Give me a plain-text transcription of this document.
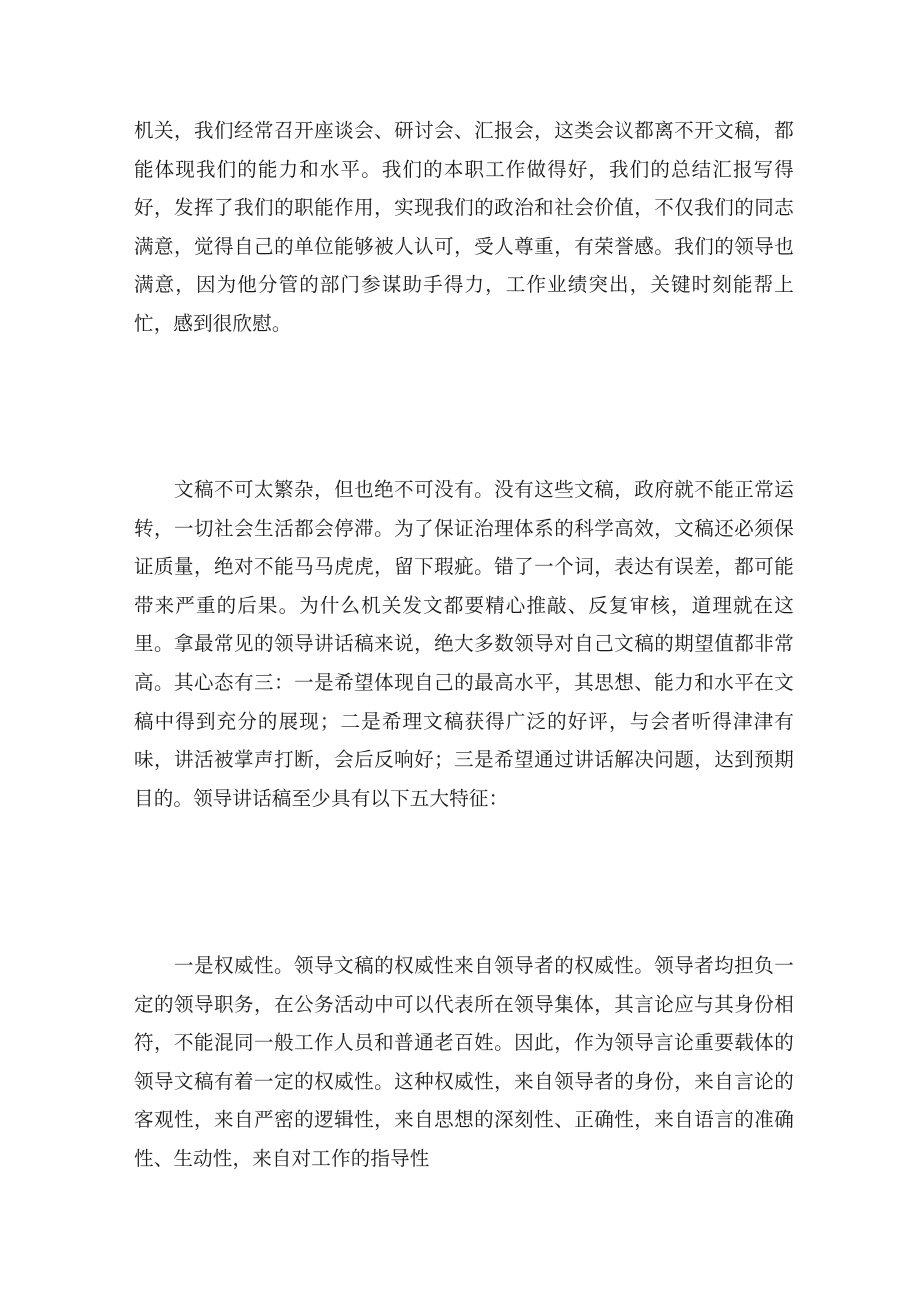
机关，我们经常召开座谈会、研讨会、汇报会，这类会议都离不开文稿，都能体现我们的能力和水平。我们的本职工作做得好，我们的总结汇报写得好，发挥了我们的职能作用，实现我们的政治和社会价值，不仅我们的同志满意，觉得自己的单位能够被人认可，受人尊重，有荣誉感。我们的领导也满意，因为他分管的部门参谋助手得力，工作业绩突出，关键时刻能帮上忙，感到很欣慰。

文稿不可太繁杂，但也绝不可没有。没有这些文稿，政府就不能正常运转，一切社会生活都会停滞。为了保证治理体系的科学高效，文稿还必须保证质量，绝对不能马马虎虎，留下瑕疵。错了一个词，表达有误差，都可能带来严重的后果。为什么机关发文都要精心推敲、反复审核，道理就在这里。拿最常见的领导讲话稿来说，绝大多数领导对自己文稿的期望值都非常高。其心态有三：一是希望体现自己的最高水平，其思想、能力和水平在文稿中得到充分的展现；二是希理文稿获得广泛的好评，与会者听得津津有味，讲活被掌声打断，会后反响好；三是希望通过讲话解决问题，达到预期目的。领导讲话稿至少具有以下五大特征：

一是权威性。领导文稿的权威性来自领导者的权威性。领导者均担负一定的领导职务，在公务活动中可以代表所在领导集体，其言论应与其身份相符，不能混同一般工作人员和普通老百姓。因此，作为领导言论重要载体的领导文稿有着一定的权威性。这种权威性，来自领导者的身份，来自言论的客观性，来自严密的逻辑性，来自思想的深刻性、正确性，来自语言的准确性、生动性，来自对工作的指导性
